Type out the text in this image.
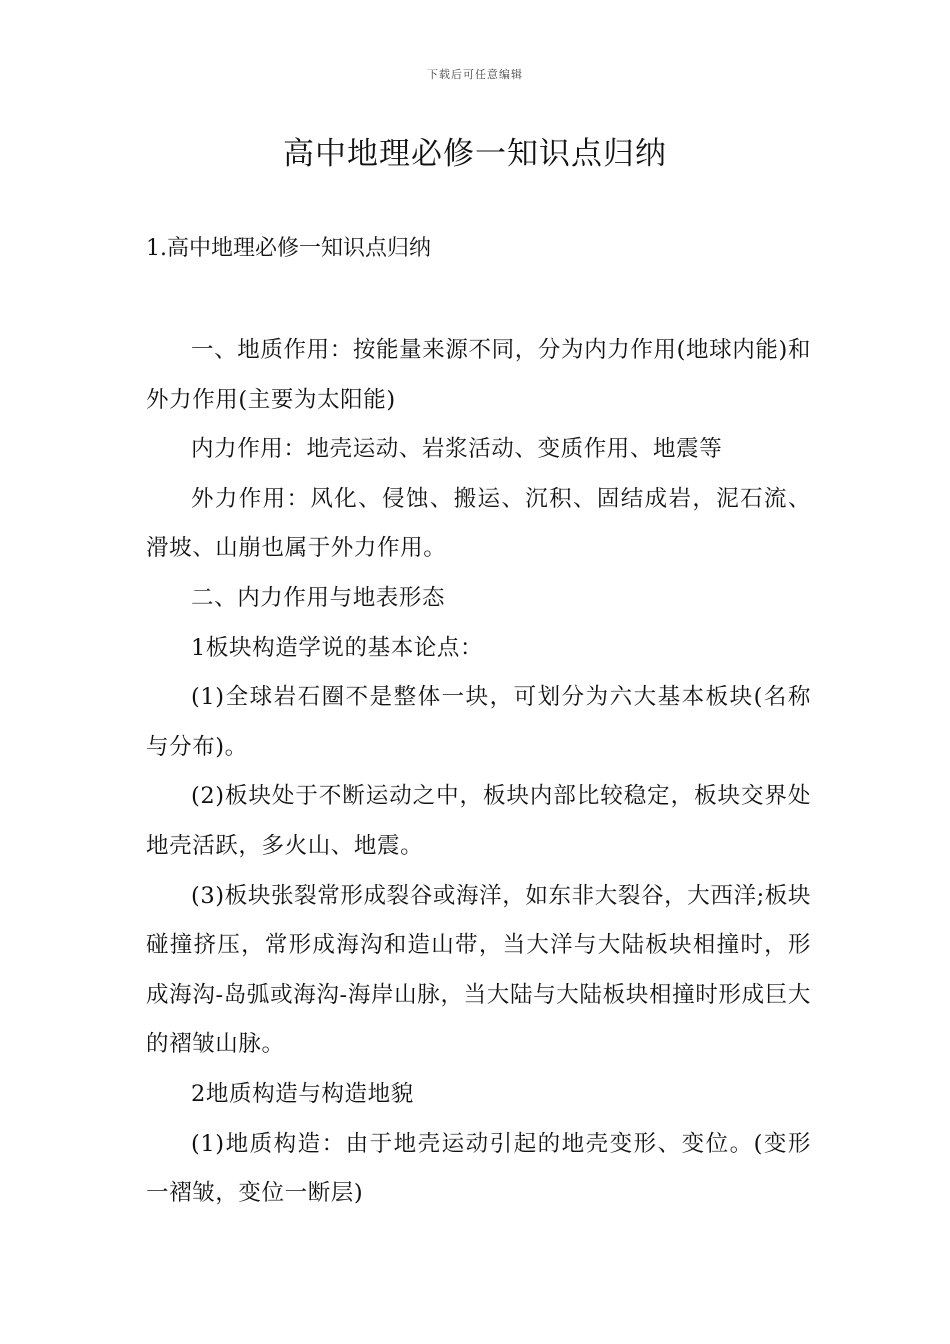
下载后可任意编辑
高中地理必修一知识点归纳
1.高中地理必修一知识点归纳

一、地质作用：按能量来源不同，分为内力作用(地球内能)和外力作用(主要为太阳能)

内力作用：地壳运动、岩浆活动、变质作用、地震等

外力作用：风化、侵蚀、搬运、沉积、固结成岩，泥石流、滑坡、山崩也属于外力作用。

二、内力作用与地表形态

1板块构造学说的基本论点：

(1)全球岩石圈不是整体一块，可划分为六大基本板块(名称与分布)。

(2)板块处于不断运动之中，板块内部比较稳定，板块交界处地壳活跃，多火山、地震。

(3)板块张裂常形成裂谷或海洋，如东非大裂谷，大西洋;板块碰撞挤压，常形成海沟和造山带，当大洋与大陆板块相撞时，形成海沟-岛弧或海沟-海岸山脉，当大陆与大陆板块相撞时形成巨大的褶皱山脉。

2地质构造与构造地貌

(1)地质构造：由于地壳运动引起的地壳变形、变位。(变形一褶皱，变位一断层)
